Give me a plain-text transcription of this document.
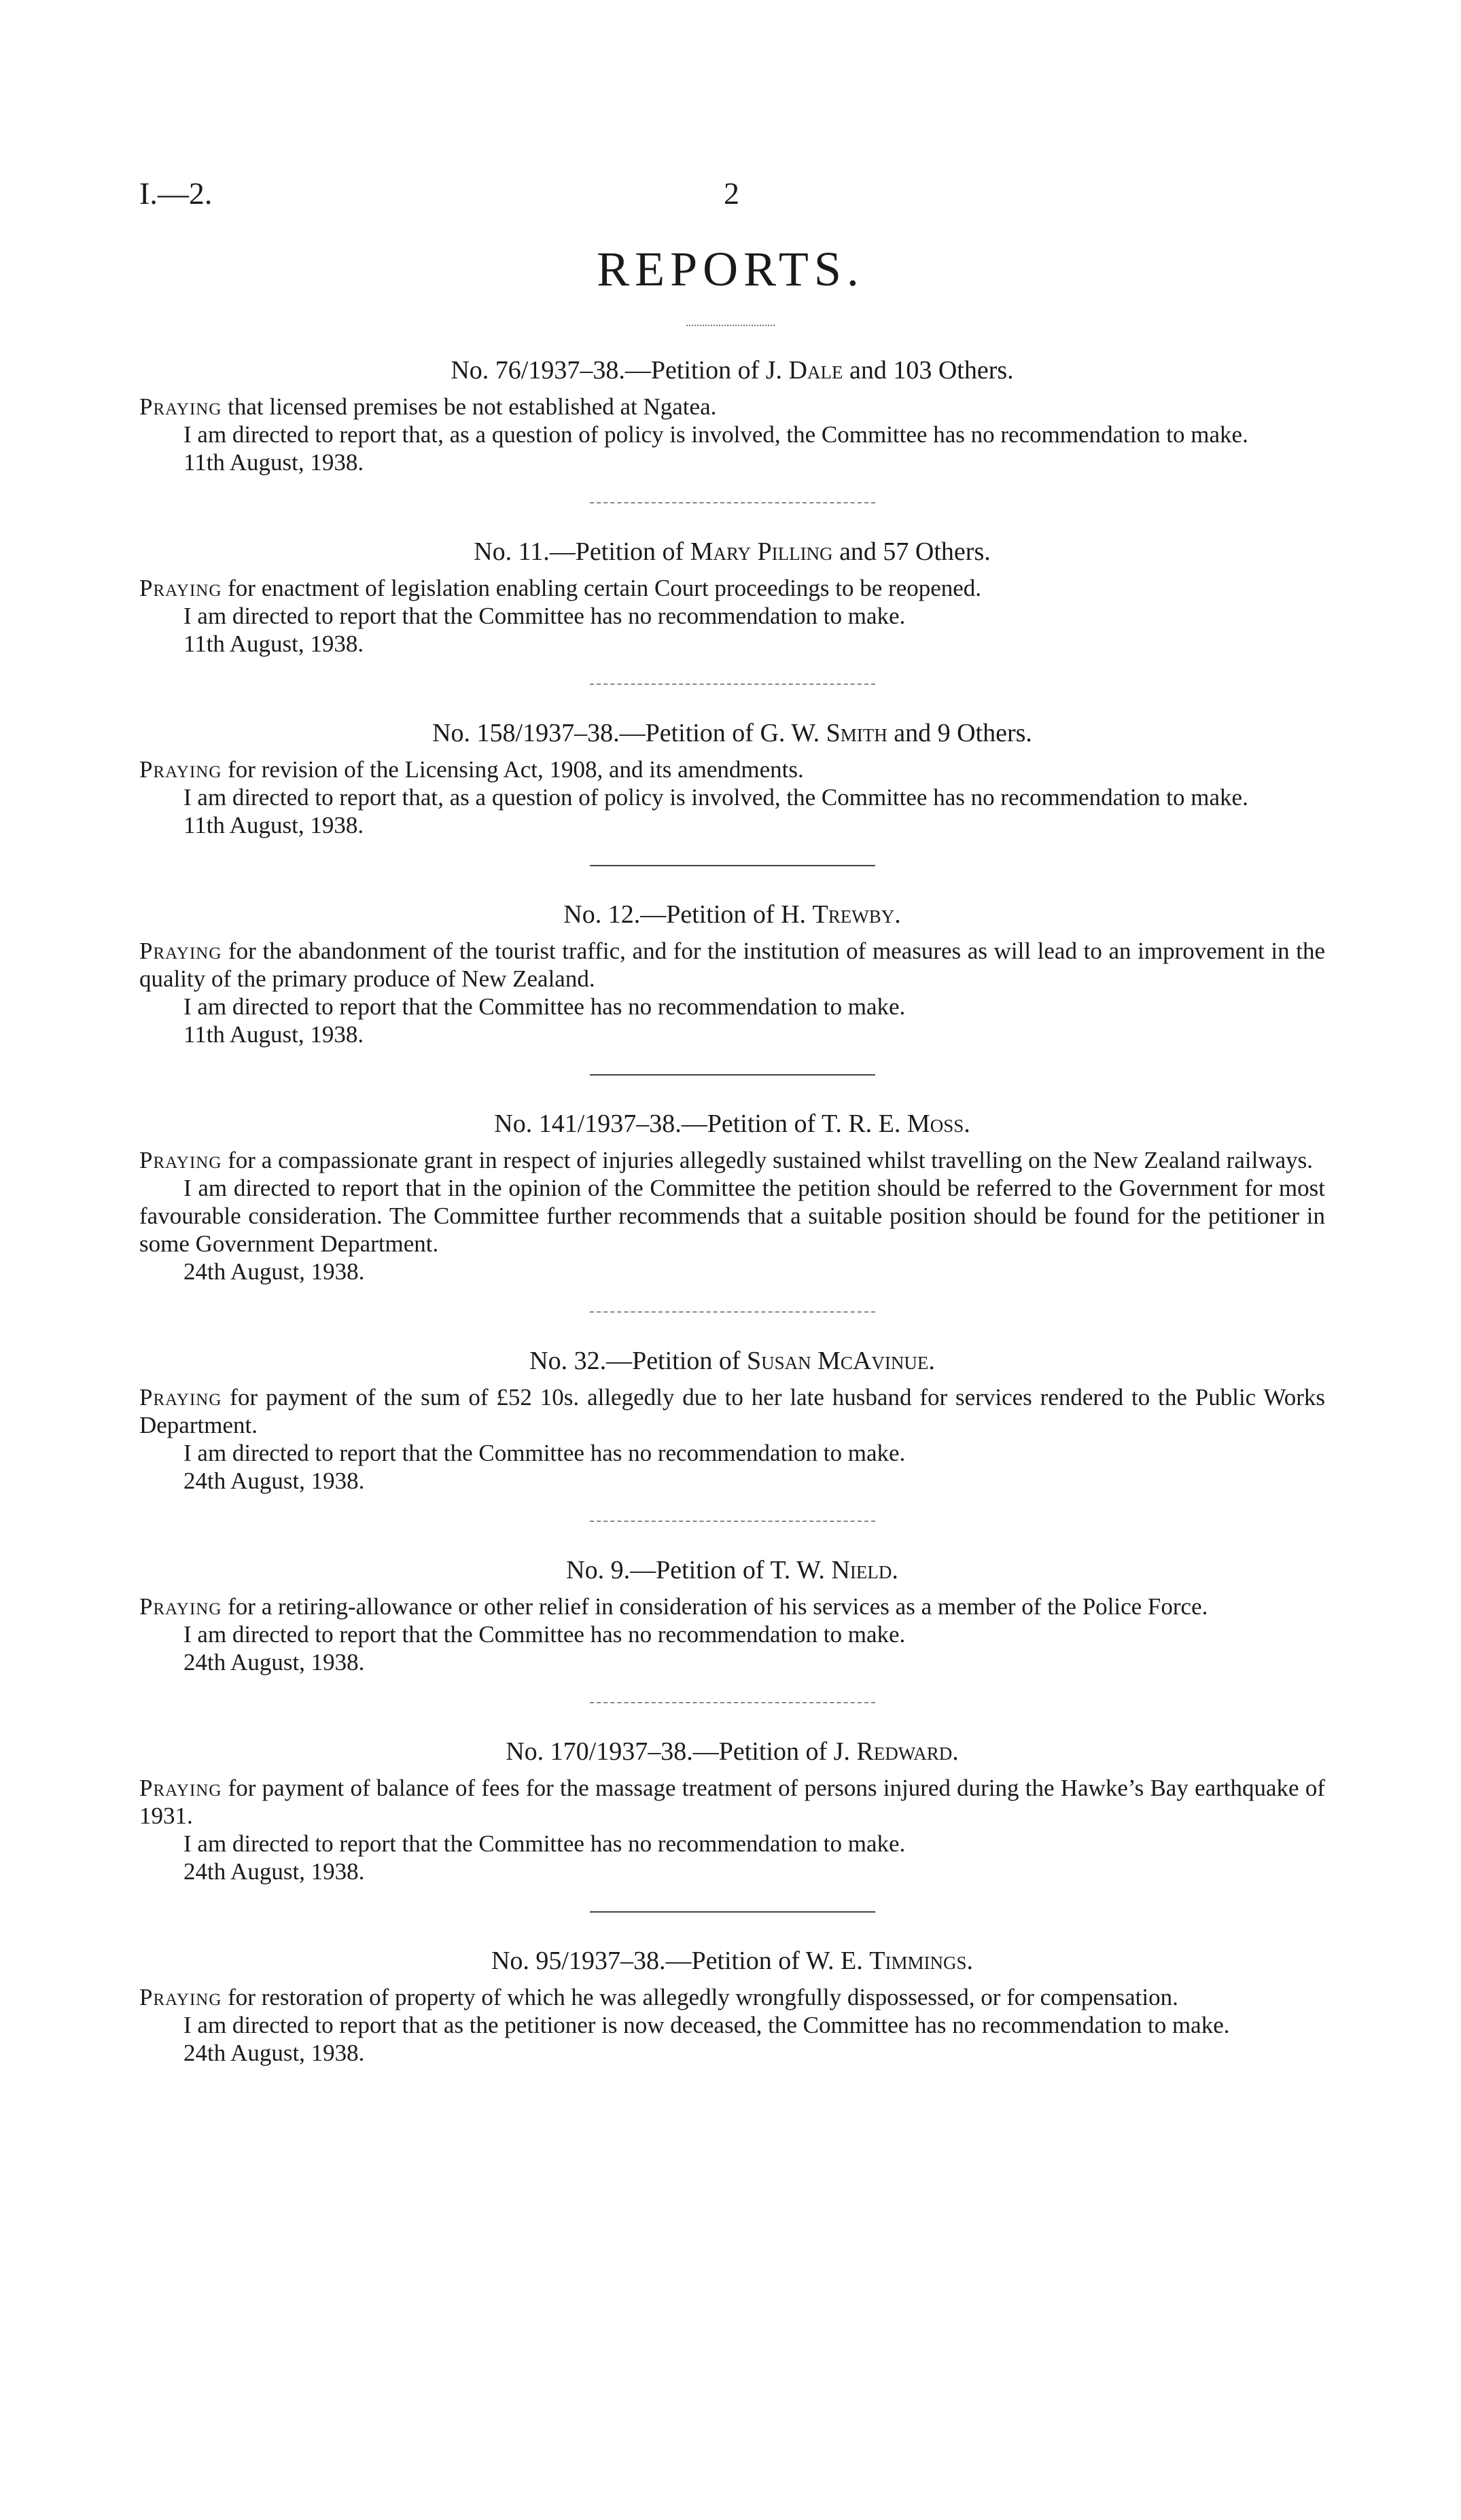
I.—2.	2
REPORTS.
No. 76/1937–38.—Petition of J. Dale and 103 Others.

Praying that licensed premises be not established at Ngatea.

I am directed to report that, as a question of policy is involved, the Committee has no recommendation to make.

11th August, 1938.
No. 11.—Petition of Mary Pilling and 57 Others.

Praying for enactment of legislation enabling certain Court proceedings to be reopened.

I am directed to report that the Committee has no recommendation to make.

11th August, 1938.
No. 158/1937–38.—Petition of G. W. Smith and 9 Others.

Praying for revision of the Licensing Act, 1908, and its amendments.

I am directed to report that, as a question of policy is involved, the Committee has no recommendation to make.

11th August, 1938.
No. 12.—Petition of H. Trewby.

Praying for the abandonment of the tourist traffic, and for the institution of measures as will lead to an improvement in the quality of the primary produce of New Zealand.

I am directed to report that the Committee has no recommendation to make.

11th August, 1938.
No. 141/1937–38.—Petition of T. R. E. Moss.

Praying for a compassionate grant in respect of injuries allegedly sustained whilst travelling on the New Zealand railways.

I am directed to report that in the opinion of the Committee the petition should be referred to the Government for most favourable consideration. The Committee further recommends that a suitable position should be found for the petitioner in some Government Department.

24th August, 1938.
No. 32.—Petition of Susan McAvinue.

Praying for payment of the sum of £52 10s. allegedly due to her late husband for services rendered to the Public Works Department.

I am directed to report that the Committee has no recommendation to make.

24th August, 1938.
No. 9.—Petition of T. W. Nield.

Praying for a retiring-allowance or other relief in consideration of his services as a member of the Police Force.

I am directed to report that the Committee has no recommendation to make.

24th August, 1938.
No. 170/1937–38.—Petition of J. Redward.

Praying for payment of balance of fees for the massage treatment of persons injured during the Hawke’s Bay earthquake of 1931.

I am directed to report that the Committee has no recommendation to make.

24th August, 1938.
No. 95/1937–38.—Petition of W. E. Timmings.

Praying for restoration of property of which he was allegedly wrongfully dispossessed, or for compensation.

I am directed to report that as the petitioner is now deceased, the Committee has no recommendation to make.

24th August, 1938.
